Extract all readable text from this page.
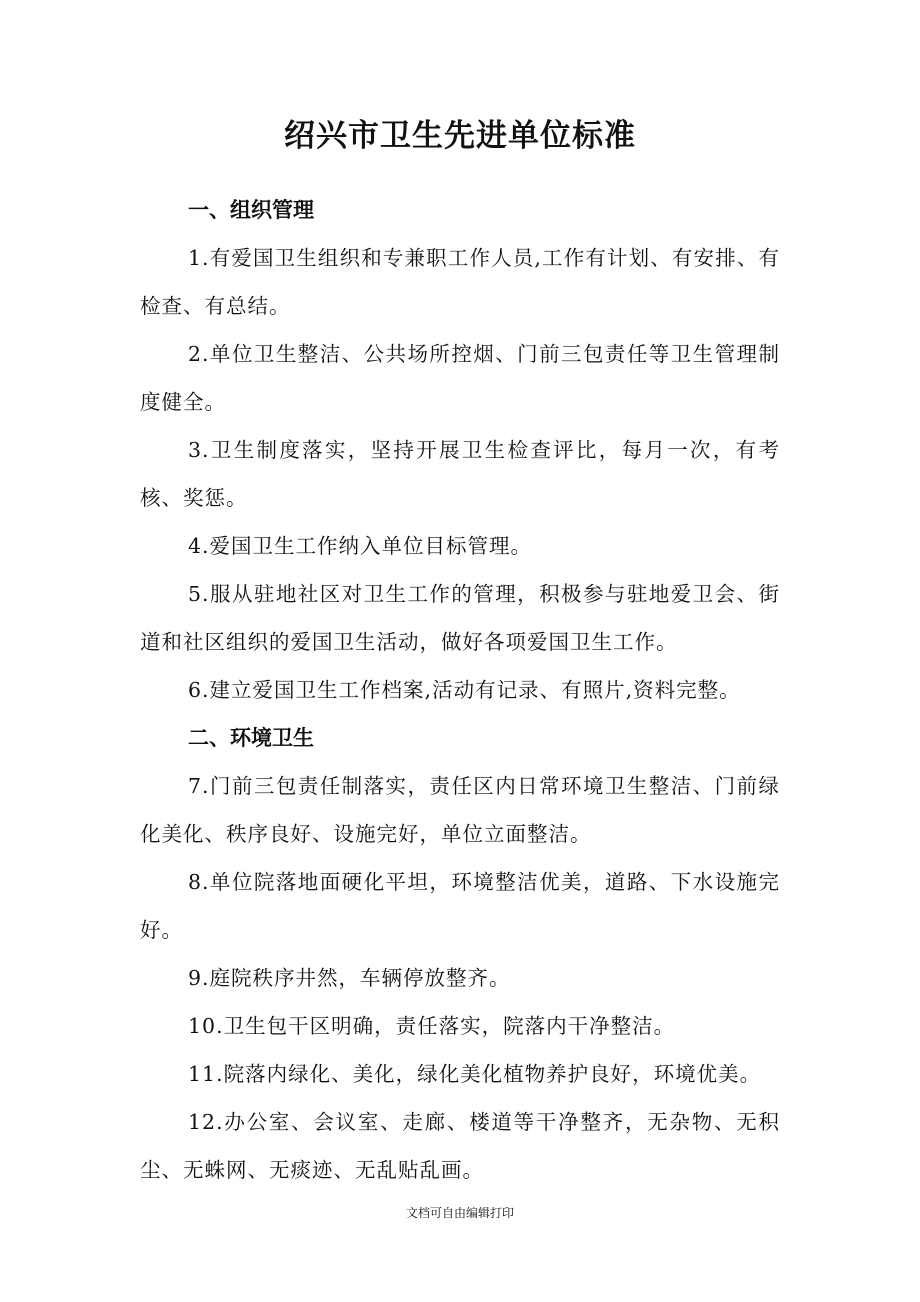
绍兴市卫生先进单位标准
一、组织管理
1.有爱国卫生组织和专兼职工作人员,工作有计划、有安排、有检查、有总结。
2.单位卫生整洁、公共场所控烟、门前三包责任等卫生管理制度健全。
3.卫生制度落实，坚持开展卫生检查评比，每月一次，有考核、奖惩。
4.爱国卫生工作纳入单位目标管理。
5.服从驻地社区对卫生工作的管理，积极参与驻地爱卫会、街道和社区组织的爱国卫生活动，做好各项爱国卫生工作。
6.建立爱国卫生工作档案,活动有记录、有照片,资料完整。
二、环境卫生
7.门前三包责任制落实，责任区内日常环境卫生整洁、门前绿化美化、秩序良好、设施完好，单位立面整洁。
8.单位院落地面硬化平坦，环境整洁优美，道路、下水设施完好。
9.庭院秩序井然，车辆停放整齐。
10.卫生包干区明确，责任落实，院落内干净整洁。
11.院落内绿化、美化，绿化美化植物养护良好，环境优美。
12.办公室、会议室、走廊、楼道等干净整齐，无杂物、无积尘、无蛛网、无痰迹、无乱贴乱画。
文档可自由编辑打印
